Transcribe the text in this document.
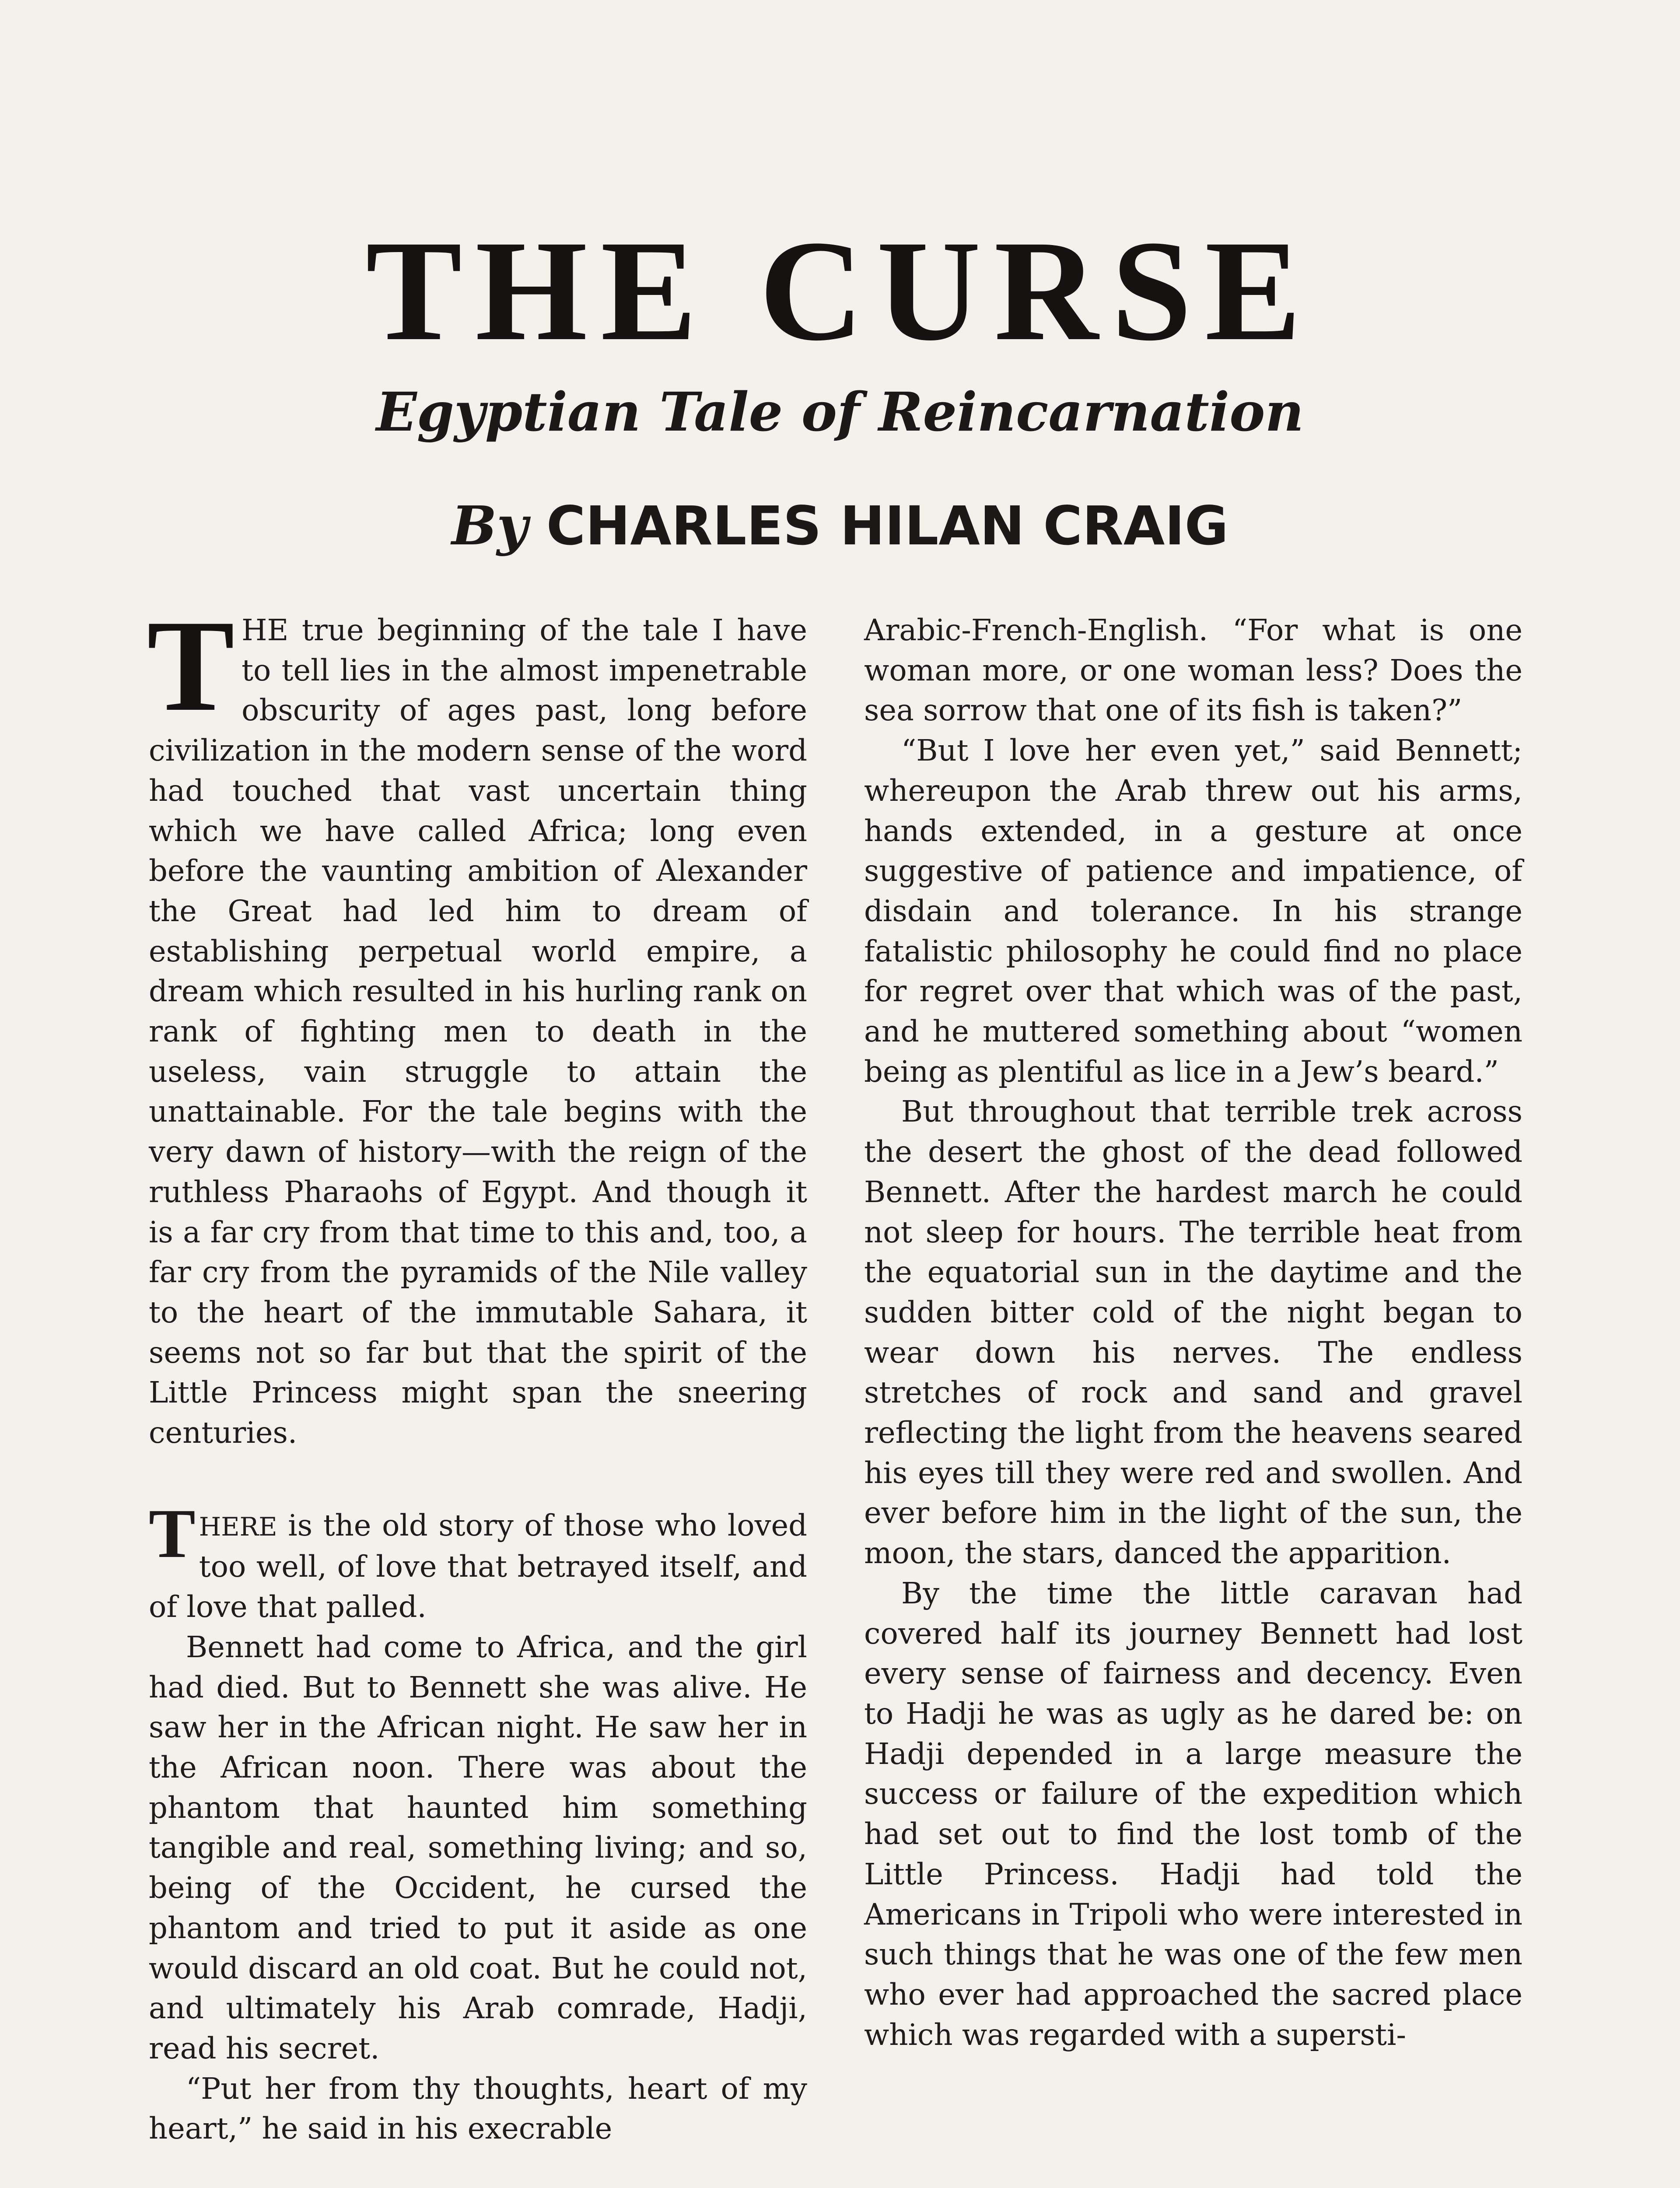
THE CURSE
Egyptian Tale of Reincarnation
By CHARLES HILAN CRAIG

THE true beginning of the tale I have to tell lies in the almost impenetrable obscurity of ages past, long before civilization in the modern sense of the word had touched that vast uncertain thing which we have called Africa; long even before the vaunting ambition of Alexander the Great had led him to dream of establishing perpetual world empire, a dream which resulted in his hurling rank on rank of fighting men to death in the useless, vain struggle to attain the unattainable. For the tale begins with the very dawn of history—with the reign of the ruthless Pharaohs of Egypt. And though it is a far cry from that time to this and, too, a far cry from the pyramids of the Nile valley to the heart of the immutable Sahara, it seems not so far but that the spirit of the Little Princess might span the sneering centuries.

THERE is the old story of those who loved too well, of love that betrayed itself, and of love that palled.

Bennett had come to Africa, and the girl had died. But to Bennett she was alive. He saw her in the African night. He saw her in the African noon. There was about the phantom that haunted him something tangible and real, something living; and so, being of the Occident, he cursed the phantom and tried to put it aside as one would discard an old coat. But he could not, and ultimately his Arab comrade, Hadji, read his secret.

“Put her from thy thoughts, heart of my heart,” he said in his execrable

Arabic-French-English. “For what is one woman more, or one woman less? Does the sea sorrow that one of its fish is taken?”

“But I love her even yet,” said Bennett; whereupon the Arab threw out his arms, hands extended, in a gesture at once suggestive of patience and impatience, of disdain and tolerance. In his strange fatalistic philosophy he could find no place for regret over that which was of the past, and he muttered something about “women being as plentiful as lice in a Jew’s beard.”

But throughout that terrible trek across the desert the ghost of the dead followed Bennett. After the hardest march he could not sleep for hours. The terrible heat from the equatorial sun in the daytime and the sudden bitter cold of the night began to wear down his nerves. The endless stretches of rock and sand and gravel reflecting the light from the heavens seared his eyes till they were red and swollen. And ever before him in the light of the sun, the moon, the stars, danced the apparition.

By the time the little caravan had covered half its journey Bennett had lost every sense of fairness and decency. Even to Hadji he was as ugly as he dared be: on Hadji depended in a large measure the success or failure of the expedition which had set out to find the lost tomb of the Little Princess. Hadji had told the Americans in Tripoli who were interested in such things that he was one of the few men who ever had approached the sacred place which was regarded with a supersti-
